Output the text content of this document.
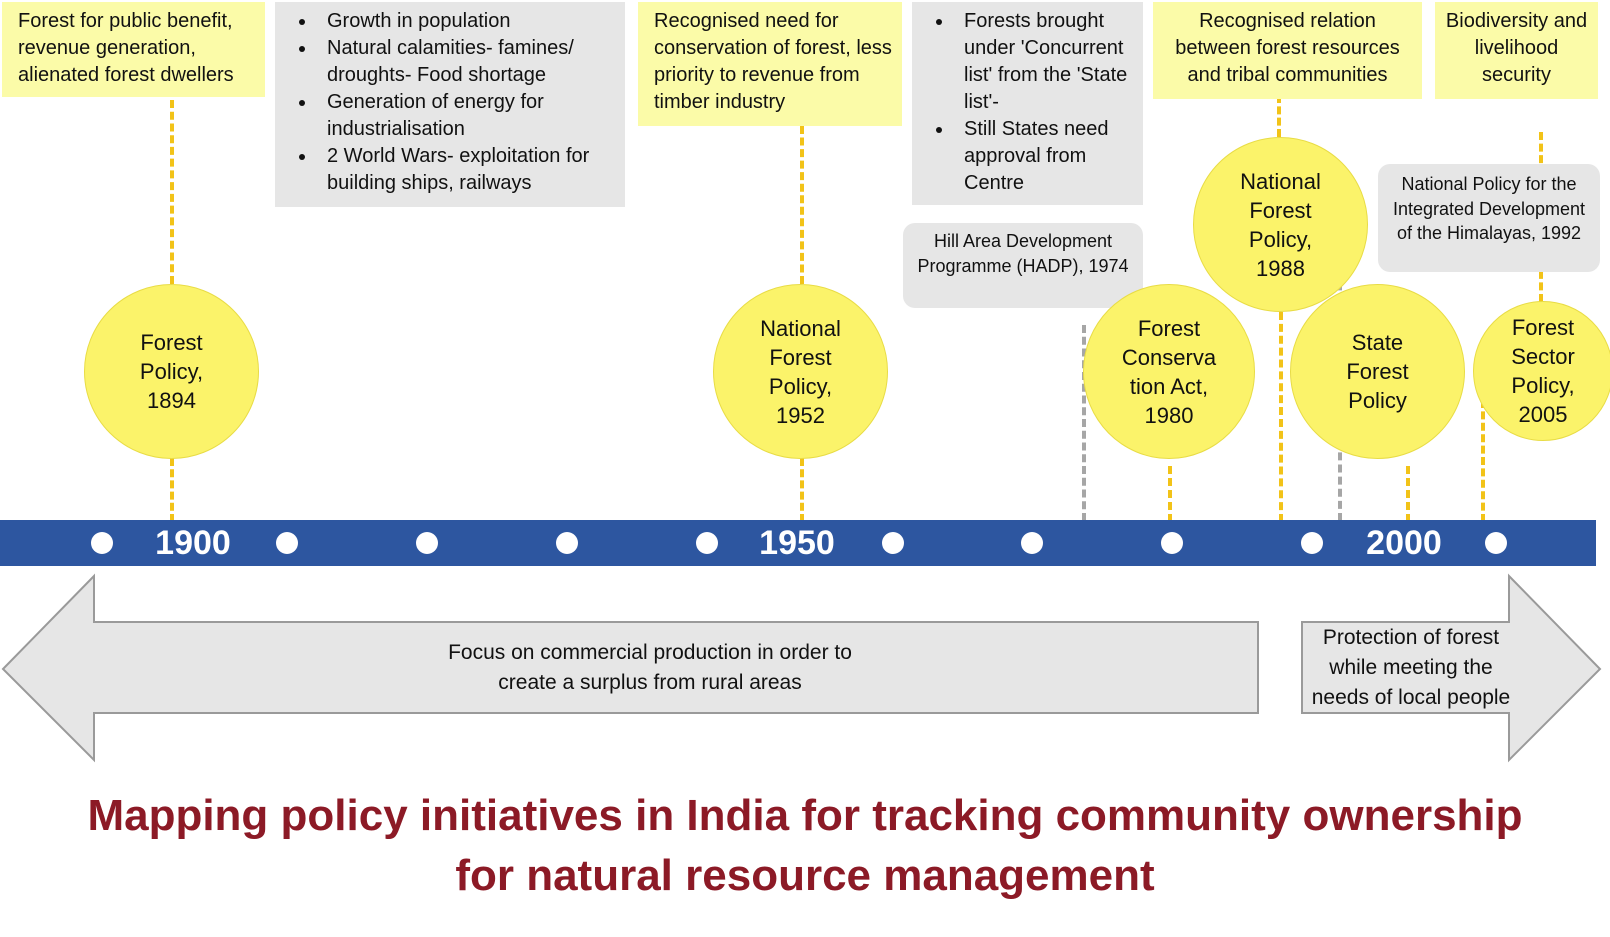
Forest for public benefit, revenue generation, alienated forest dwellers
• Growth in population
• Natural calamities- famines/ droughts- Food shortage
• Generation of energy for industrialisation
• 2 World Wars- exploitation for building ships, railways
Recognised need for conservation of forest, less priority to revenue from timber industry
• Forests brought under 'Concurrent list' from the 'State list'-
• Still States need approval from Centre
Recognised relation between forest resources and tribal communities
Biodiversity and livelihood security
Hill Area Development Programme (HADP), 1974
National Policy for the Integrated Development of the Himalayas, 1992
Forest
Policy,
1894
National
Forest
Policy,
1952
Forest
Conserva
tion Act,
1980
State
Forest
Policy
National
Forest
Policy,
1988
Forest
Sector
Policy,
2005
1900	1950	2000
Focus on commercial production in order to create a surplus from rural areas
Protection of forest while meeting the needs of local people
Mapping policy initiatives in India for tracking community ownership
for natural resource management
